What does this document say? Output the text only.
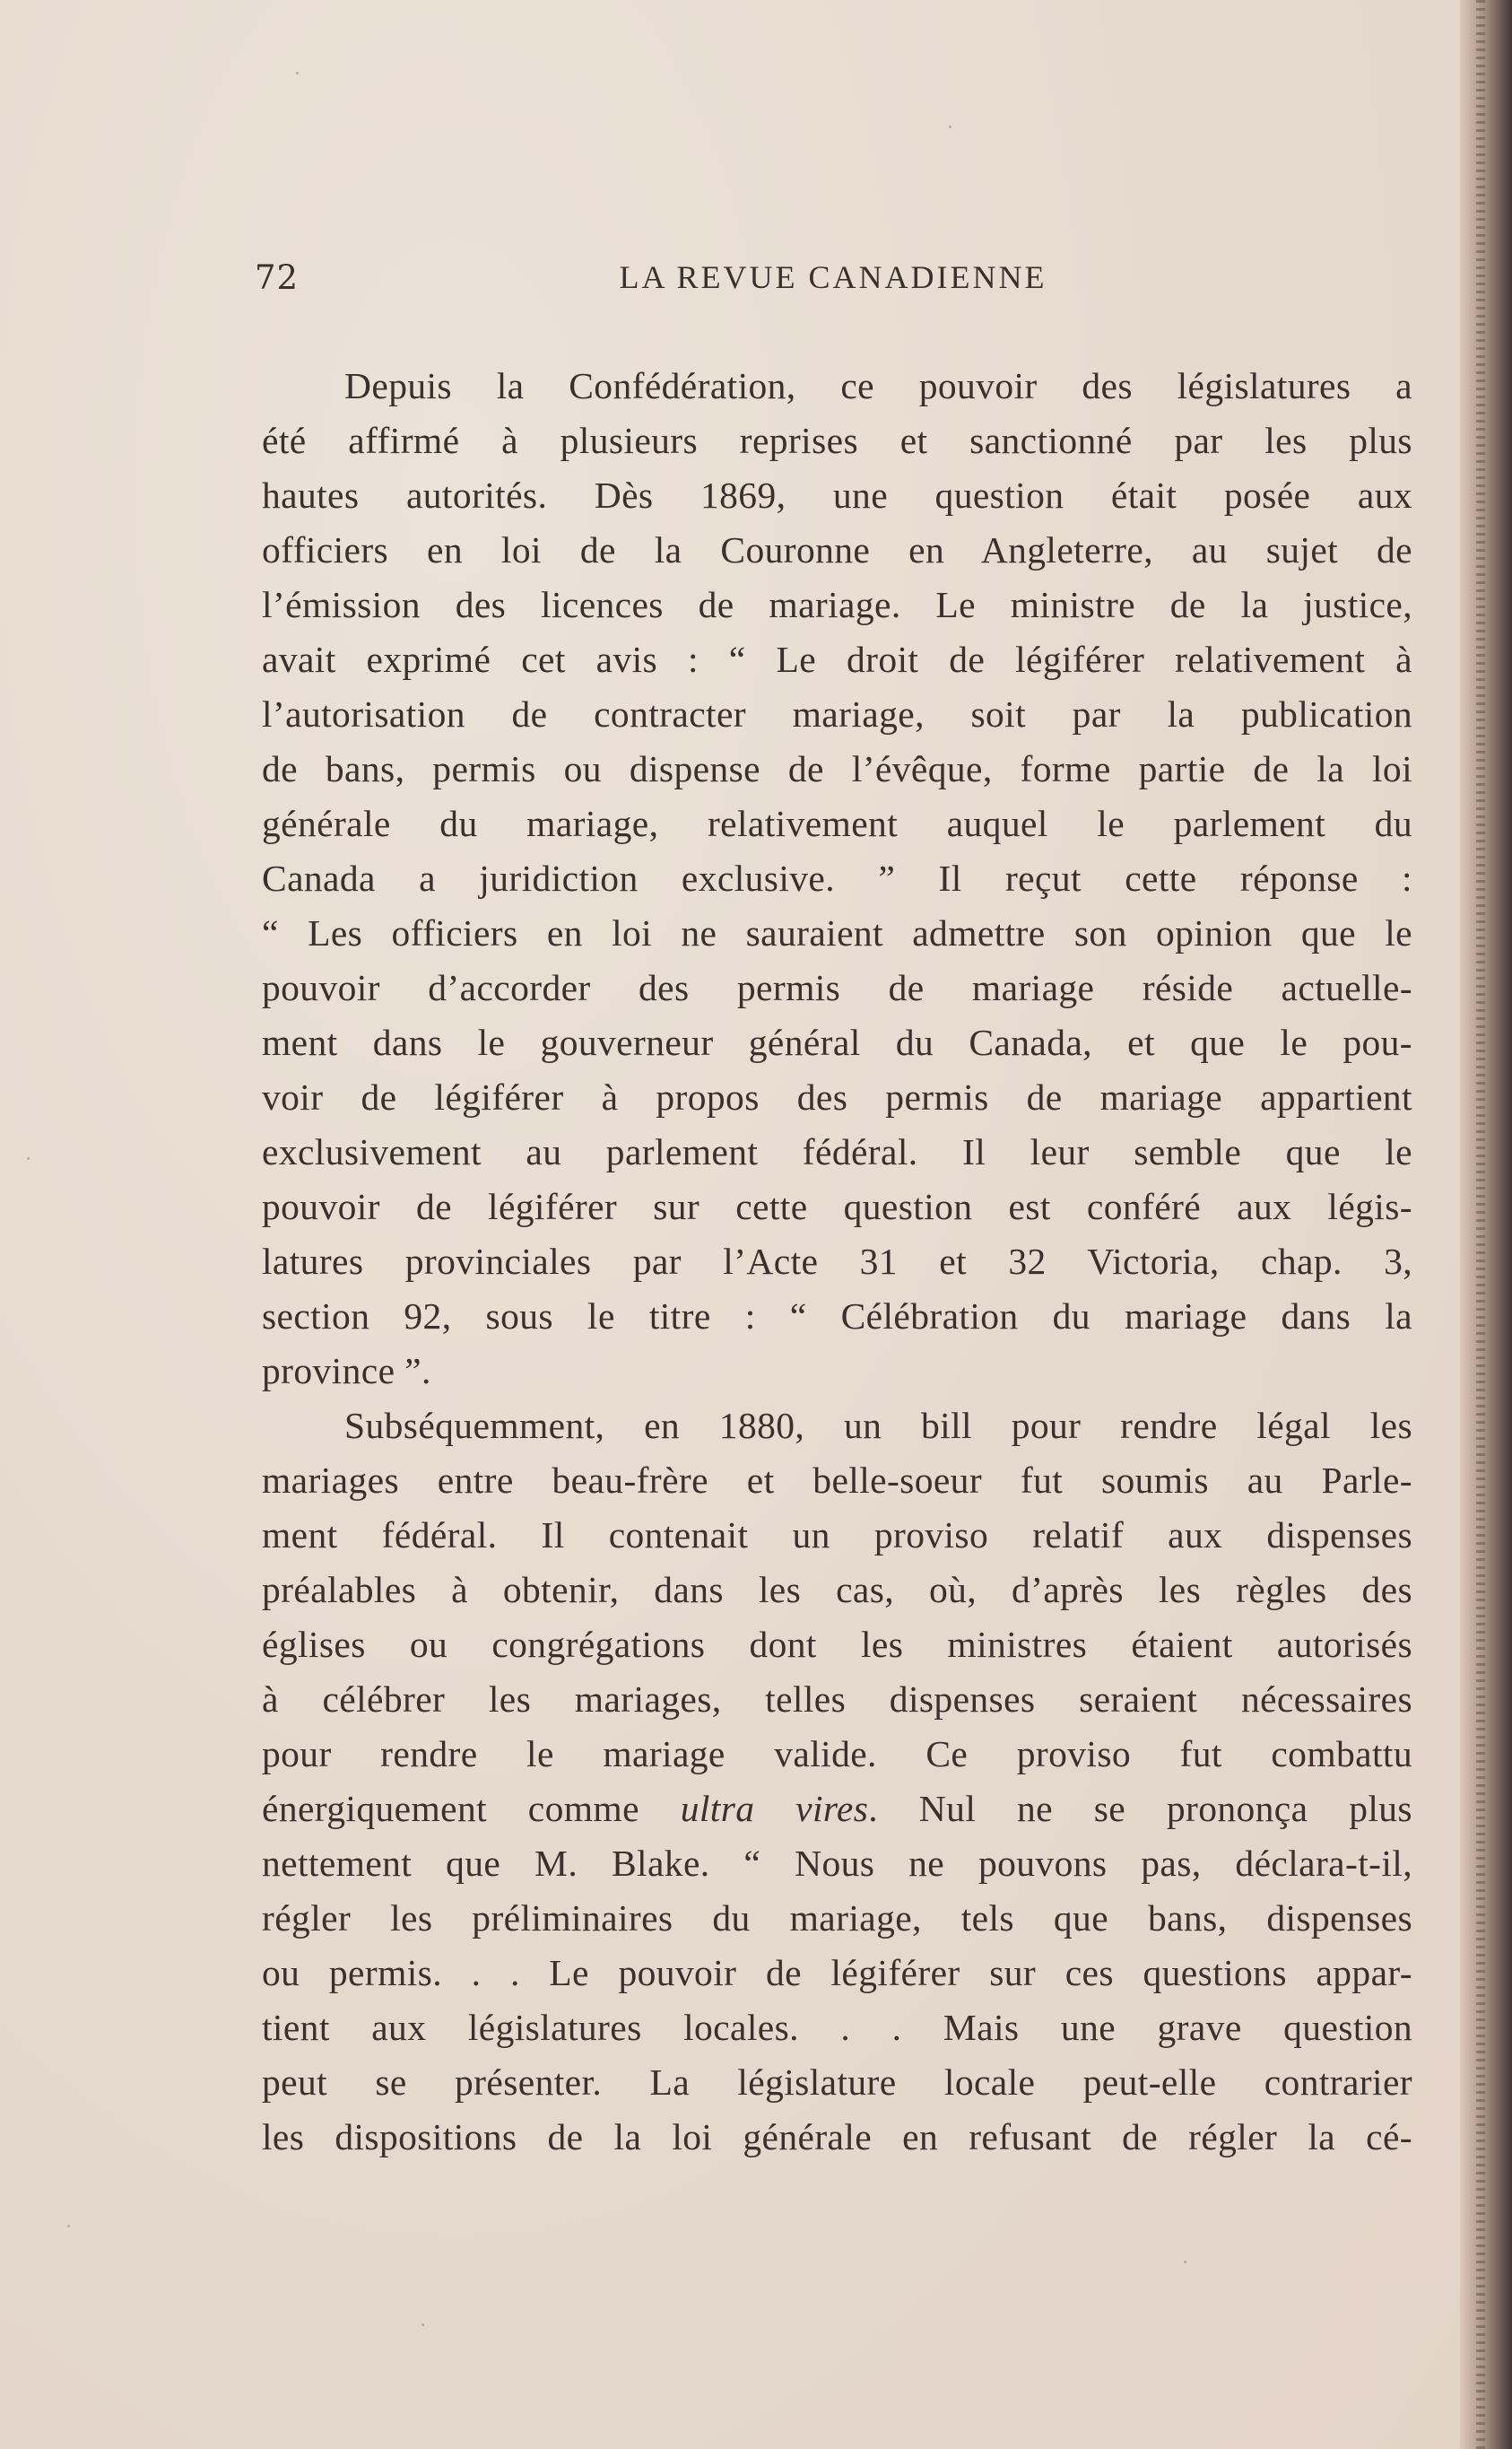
72	LA REVUE CANADIENNE
Depuis la Confédération, ce pouvoir des législatures a
été affirmé à plusieurs reprises et sanctionné par les plus
hautes autorités. Dès 1869, une question était posée aux
officiers en loi de la Couronne en Angleterre, au sujet de
l’émission des licences de mariage. Le ministre de la justice,
avait exprimé cet avis : “ Le droit de légiférer relativement à
l’autorisation de contracter mariage, soit par la publication
de bans, permis ou dispense de l’évêque, forme partie de la loi
générale du mariage, relativement auquel le parlement du
Canada a juridiction exclusive. ” Il reçut cette réponse :
“ Les officiers en loi ne sauraient admettre son opinion que le
pouvoir d’accorder des permis de mariage réside actuelle-
ment dans le gouverneur général du Canada, et que le pou-
voir de légiférer à propos des permis de mariage appartient
exclusivement au parlement fédéral. Il leur semble que le
pouvoir de légiférer sur cette question est conféré aux légis-
latures provinciales par l’Acte 31 et 32 Victoria, chap. 3,
section 92, sous le titre : “ Célébration du mariage dans la
province ”.
Subséquemment, en 1880, un bill pour rendre légal les
mariages entre beau-frère et belle-soeur fut soumis au Parle-
ment fédéral. Il contenait un proviso relatif aux dispenses
préalables à obtenir, dans les cas, où, d’après les règles des
églises ou congrégations dont les ministres étaient autorisés
à célébrer les mariages, telles dispenses seraient nécessaires
pour rendre le mariage valide. Ce proviso fut combattu
énergiquement comme ultra vires. Nul ne se prononça plus
nettement que M. Blake. “ Nous ne pouvons pas, déclara-t-il,
régler les préliminaires du mariage, tels que bans, dispenses
ou permis. . . Le pouvoir de légiférer sur ces questions appar-
tient aux législatures locales. . . Mais une grave question
peut se présenter. La législature locale peut-elle contrarier
les dispositions de la loi générale en refusant de régler la cé-
